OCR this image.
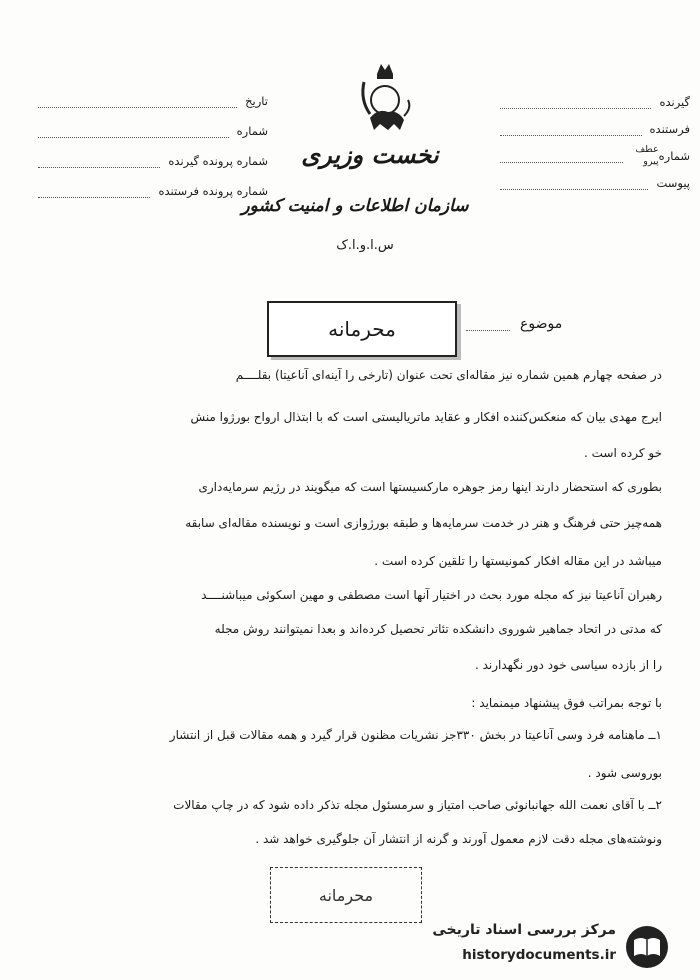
تاریخ
شماره
شماره پرونده گیرنده
شماره پرونده فرستنده
نخست وزیری
سازمان اطلاعات و امنیت کشور
س.ا.و.ا.ک
گیرنده
فرستنده
عطف
پیرو شماره
پیوست
محرمانه	موضوع
در صفحه چهارم همین شماره نیز مقاله‌ای تحت عنوان (تارخی را آینه‌ای آناعیتا) بقلــــم
ایرج مهدی بیان که منعکس‌کننده افکار و عقاید ماتریالیستی است که با ابتذال ارواح بورژوا منش
خو کرده است .
بطوری که استحضار دارند اینها رمز جوهره مارکسیستها است که میگویند در رژیم سرمایه‌داری
همه‌چیز حتی فرهنگ و هنر در خدمت سرمایه‌ها و طبقه بورژوازی است و نویسنده مقاله‌ای سابقه
میباشد در این مقاله افکار کمونیستها را تلقین کرده است .
رهبران آناعیتا نیز که مجله مورد بحث در اختیار آنها است مصطفی و مهین اسکوئی میباشنــــد
که مدتی در اتحاد جماهیر شوروی دانشکده تئاتر تحصیل کرده‌اند و بعدا نمیتوانند روش مجله
را از بازده سیاسی خود دور نگهدارند .
با توجه بمراتب فوق پیشنهاد میمنماید :
۱ــ ماهنامه فرد وسی آناعیتا در بخش ۳۳۰جز نشریات مظنون قرار گیرد و همه مقالات قبل از انتشار
بوروسی شود .
۲ــ با آقای نعمت الله جهانبانوئی صاحب امتیاز و سرمسئول مجله تذکر داده شود که در چاپ مقالات
ونوشته‌های مجله دقت لازم معمول آورند و گرنه از انتشار آن جلوگیری خواهد شد .
محرمانه
مرکز بررسی اسناد تاریخی
historydocuments.ir
